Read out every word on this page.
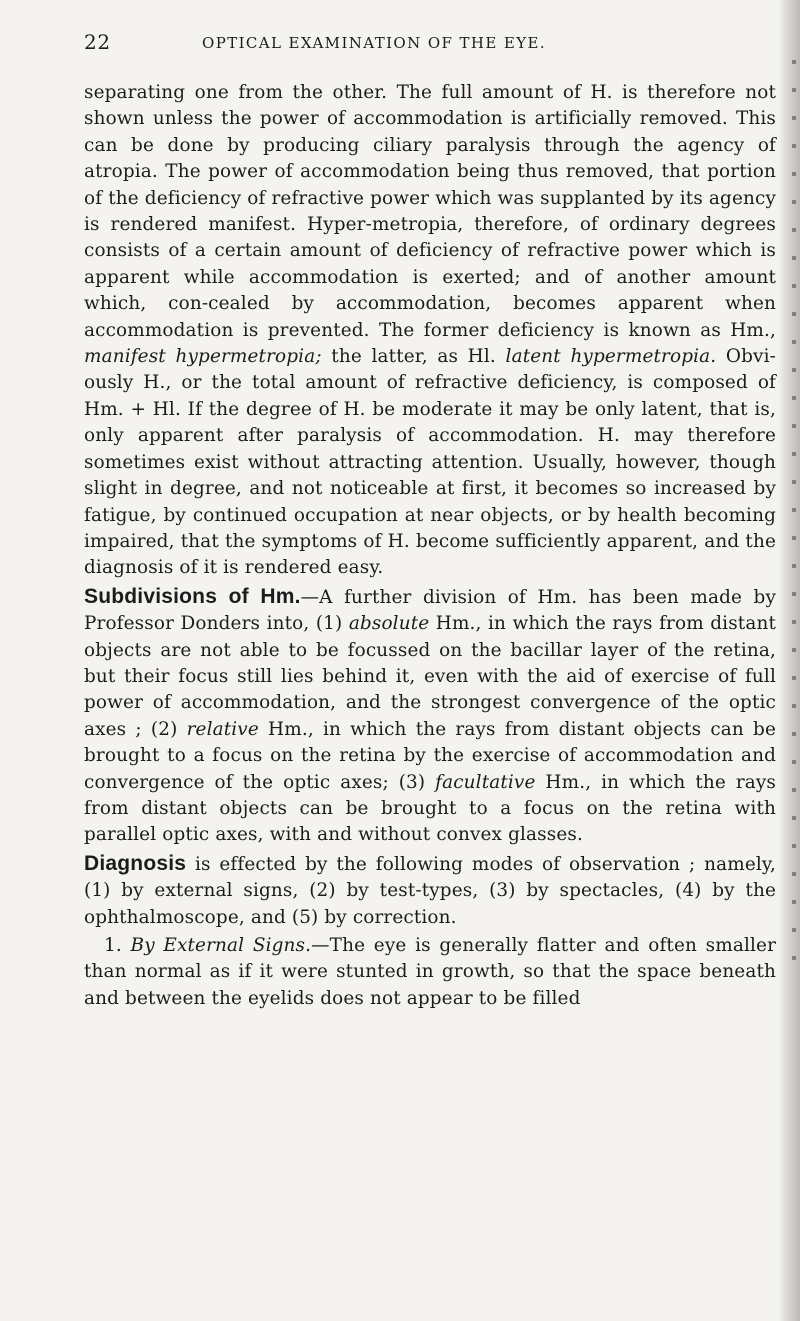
22	OPTICAL EXAMINATION OF THE EYE.

separating one from the other. The full amount of H. is therefore not shown unless the power of accommodation is artificially removed. This can be done by producing ciliary paralysis through the agency of atropia. The power of accommodation being thus removed, that portion of the deficiency of refractive power which was supplanted by its agency is rendered manifest. Hyper-metropia, therefore, of ordinary degrees consists of a certain amount of deficiency of refractive power which is apparent while accommodation is exerted; and of another amount which, con-cealed by accommodation, becomes apparent when accommodation is prevented. The former deficiency is known as Hm., manifest hypermetropia; the latter, as Hl. latent hypermetropia. Obvi-ously H., or the total amount of refractive deficiency, is composed of Hm. + Hl. If the degree of H. be moderate it may be only latent, that is, only apparent after paralysis of accommodation. H. may therefore sometimes exist without attracting attention. Usually, however, though slight in degree, and not noticeable at first, it becomes so increased by fatigue, by continued occupation at near objects, or by health becoming impaired, that the symptoms of H. become sufficiently apparent, and the diagnosis of it is rendered easy.

Subdivisions of Hm.—A further division of Hm. has been made by Professor Donders into, (1) absolute Hm., in which the rays from distant objects are not able to be focussed on the bacillar layer of the retina, but their focus still lies behind it, even with the aid of exercise of full power of accommodation, and the strongest convergence of the optic axes ; (2) relative Hm., in which the rays from distant objects can be brought to a focus on the retina by the exercise of accommodation and convergence of the optic axes; (3) facultative Hm., in which the rays from distant objects can be brought to a focus on the retina with parallel optic axes, with and without convex glasses.

Diagnosis is effected by the following modes of observation ; namely, (1) by external signs, (2) by test-types, (3) by spectacles, (4) by the ophthalmoscope, and (5) by correction.

1. By External Signs.—The eye is generally flatter and often smaller than normal as if it were stunted in growth, so that the space beneath and between the eyelids does not appear to be filled
